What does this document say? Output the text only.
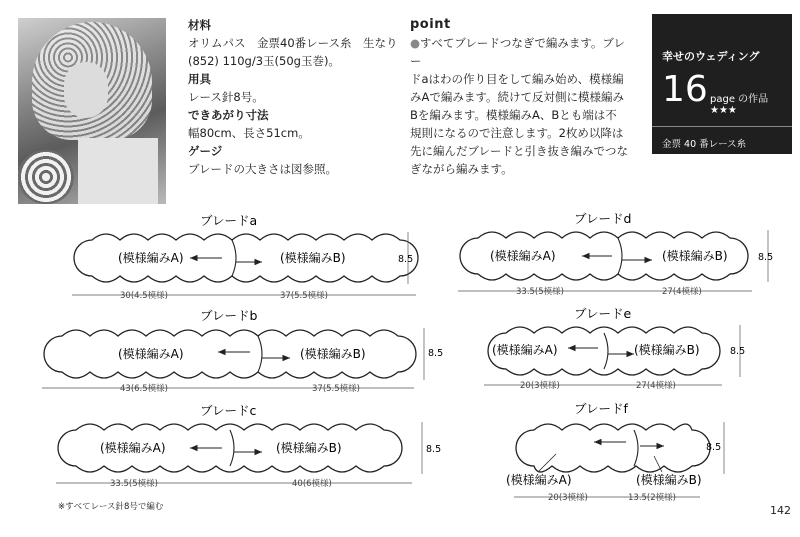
材料
オリムパス　金票40番レース糸　生なり
(852) 110g/3玉(50g玉巻)。
用具
レース針8号。
できあがり寸法
幅80cm、長さ51cm。
ゲージ
ブレードの大きさは図参照。
point
●すべてブレードつなぎで編みます。ブレー
ドaはわの作り目をして編み始め、模様編
みAで編みます。続けて反対側に模様編み
Bを編みます。模様編みA、Bとも端は不
規則になるので注意します。2枚め以降は
先に編んだブレードと引き抜き編みでつな
ぎながら編みます。
幸せのウェディング
16 page の作品 ★★★
金票 40 番レース糸
ブレードa
(模様編みA)	(模様編みB)
30(4.5模様)	37(5.5模様)
8.5
ブレードb
(模様編みA)	(模様編みB)
43(6.5模様)	37(5.5模様)
8.5
ブレードc
(模様編みA)	(模様編みB)
33.5(5模様)	40(6模様)
8.5
ブレードd
(模様編みA)	(模様編みB)
33.5(5模様)	27(4模様)
8.5
ブレードe
(模様編みA)	(模様編みB)
20(3模様)	27(4模様)
8.5
ブレードf
(模様編みA)	(模様編みB)
20(3模様)	13.5(2模様)
8.5
※すべてレース針8号で編む	142
